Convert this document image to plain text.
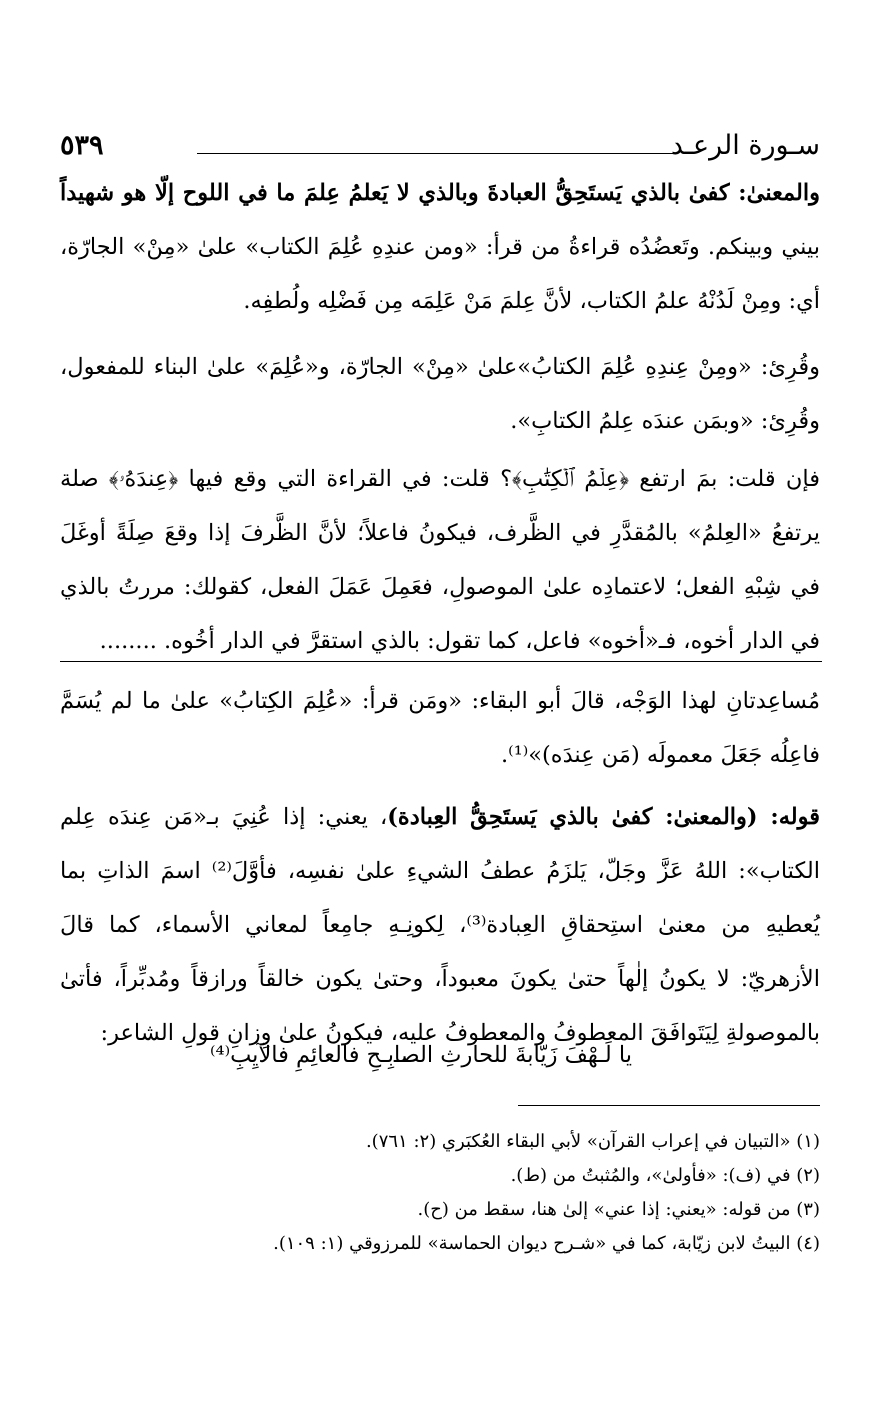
سـورة الرعـد
٥٣٩

والمعنىٰ: كفىٰ بالذي يَستَحِقُّ العبادةَ وبالذي لا يَعلمُ عِلمَ ما في اللوح إلّا هو شهيداً بيني وبينكم. وتَعضُدُه قراءةُ من قرأ: «ومن عندِهِ عُلِمَ الكتاب» علىٰ «مِنْ» الجارّة، أي: ومِنْ لَدُنْهُ علمُ الكتاب، لأنَّ عِلمَ مَنْ عَلِمَه مِن فَضْلِه ولُطفِه.

وقُرِئ: «ومِنْ عِندِهِ عُلِمَ الكتابُ»علىٰ «مِنْ» الجارّة، و«عُلِمَ» علىٰ البناء للمفعول، وقُرِئ: «وبمَن عندَه عِلمُ الكتابِ».

فإن قلت: بمَ ارتفع ﴿عِلۡمُ ٱلۡكِتَٰبِ﴾؟ قلت: في القراءة التي وقع فيها ﴿عِندَهُۥ﴾ صلة يرتفعُ «العِلمُ» بالمُقدَّرِ في الظَّرف، فيكونُ فاعلاً؛ لأنَّ الظَّرفَ إذا وقعَ صِلَةً أوغَلَ في شِبْهِ الفعل؛ لاعتمادِه علىٰ الموصولِ، فعَمِلَ عَمَلَ الفعل، كقولك: مررتُ بالذي في الدار أخوه، فـ«أخوه» فاعل، كما تقول: بالذي استقرَّ في الدار أخُوه. ........

مُساعِدتانِ لهذا الوَجْه، قالَ أبو البقاء: «ومَن قرأ: «عُلِمَ الكِتابُ» علىٰ ما لم يُسَمَّ فاعِلُه جَعَلَ معمولَه (مَن عِندَه)»⁽¹⁾.

قوله: (والمعنىٰ: كفىٰ بالذي يَستَحِقُّ العِبادة)، يعني: إذا عُنِيَ بـ«مَن عِندَه عِلم الكتاب»: اللهُ عَزَّ وجَلّ، يَلزَمُ عطفُ الشيءِ علىٰ نفسِه، فأوَّلَ⁽²⁾ اسمَ الذاتِ بما يُعطيهِ من معنىٰ استِحقاقِ العِبادة⁽³⁾، لِكونِـهِ جامِعاً لمعاني الأسماء، كما قالَ الأزهريّ: لا يكونُ إلٰهاً حتىٰ يكونَ معبوداً، وحتىٰ يكون خالقاً ورازقاً ومُدبِّراً، فأتىٰ بالموصولةِ لِيَتَوافَقَ المعطوفُ والمعطوفُ عليه، فيكونُ علىٰ وِزانِ قولِ الشاعر:

يا لَـهْفَ زَيّابةَ للحارثِ الصـ
ـابِـحِ فالعائِمِ فالآيِبِ⁽⁴⁾
(١) «التبيان في إعراب القرآن» لأبي البقاء العُكبَري (٢: ٧٦١).
(٢) في (ف): «فأولىٰ»، والمُثبتُ من (ط).
(٣) من قوله: «يعني: إذا عني» إلىٰ هنا، سقط من (ح).
(٤) البيتُ لابن زيّابة، كما في «شـرح ديوان الحماسة» للمرزوقي (١: ١٠٩).
